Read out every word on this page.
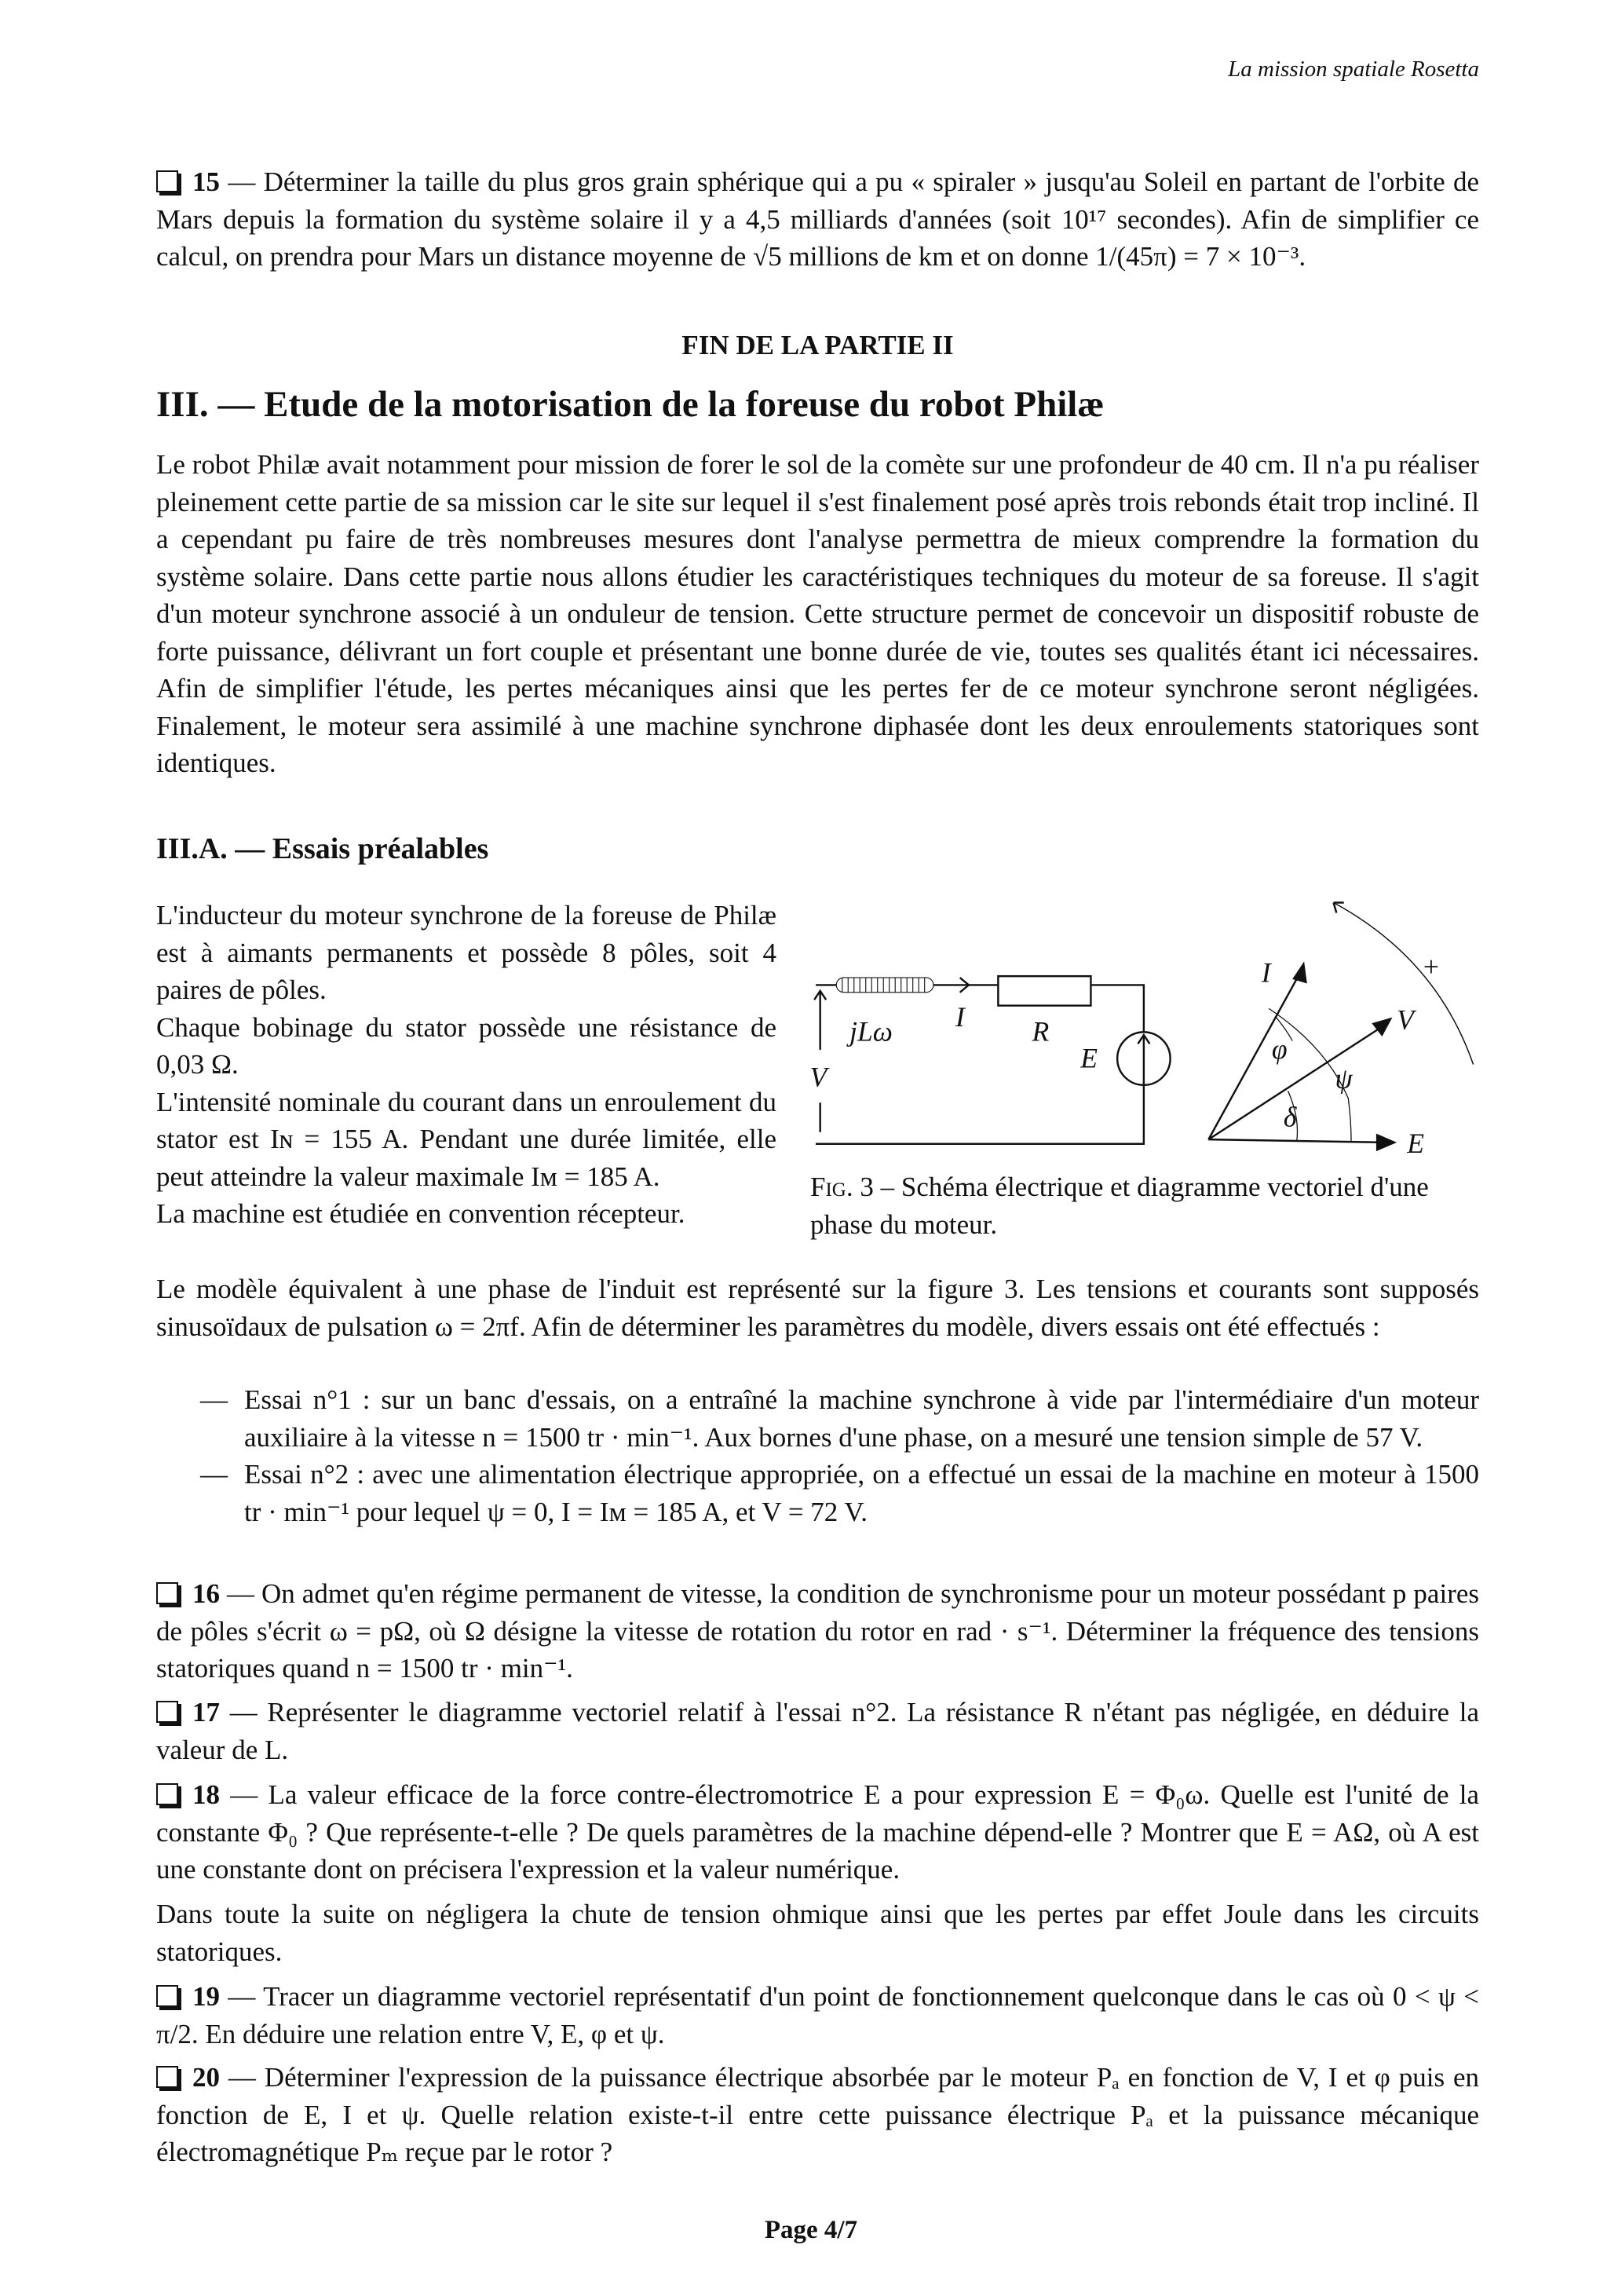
La mission spatiale Rosetta
15 — Déterminer la taille du plus gros grain sphérique qui a pu « spiraler » jusqu'au Soleil en partant de l'orbite de Mars depuis la formation du système solaire il y a 4,5 milliards d'années (soit 10¹⁷ secondes). Afin de simplifier ce calcul, on prendra pour Mars un distance moyenne de √5 millions de km et on donne 1/(45π) = 7 × 10⁻³.
FIN DE LA PARTIE II
III. — Etude de la motorisation de la foreuse du robot Philæ
Le robot Philæ avait notamment pour mission de forer le sol de la comète sur une profondeur de 40 cm. Il n'a pu réaliser pleinement cette partie de sa mission car le site sur lequel il s'est finalement posé après trois rebonds était trop incliné. Il a cependant pu faire de très nombreuses mesures dont l'analyse permettra de mieux comprendre la formation du système solaire. Dans cette partie nous allons étudier les caractéristiques techniques du moteur de sa foreuse. Il s'agit d'un moteur synchrone associé à un onduleur de tension. Cette structure permet de concevoir un dispositif robuste de forte puissance, délivrant un fort couple et présentant une bonne durée de vie, toutes ses qualités étant ici nécessaires. Afin de simplifier l'étude, les pertes mécaniques ainsi que les pertes fer de ce moteur synchrone seront négligées. Finalement, le moteur sera assimilé à une machine synchrone diphasée dont les deux enroulements statoriques sont identiques.
III.A. — Essais préalables
L'inducteur du moteur synchrone de la foreuse de Philæ est à aimants permanents et possède 8 pôles, soit 4 paires de pôles.
Chaque bobinage du stator possède une résistance de 0,03 Ω.
L'intensité nominale du courant dans un enroulement du stator est Iɴ = 155 A. Pendant une durée limitée, elle peut atteindre la valeur maximale Iᴍ = 185 A.
La machine est étudiée en convention récepteur.
jLω	I	R
E
V
I
V
E
φ
ψ
δ
+
Fig. 3 – Schéma électrique et diagramme vectoriel d'une phase du moteur.
Le modèle équivalent à une phase de l'induit est représenté sur la figure 3. Les tensions et courants sont supposés sinusoïdaux de pulsation ω = 2πf. Afin de déterminer les paramètres du modèle, divers essais ont été effectués :
— Essai n°1 : sur un banc d'essais, on a entraîné la machine synchrone à vide par l'intermédiaire d'un moteur auxiliaire à la vitesse n = 1500 tr · min⁻¹. Aux bornes d'une phase, on a mesuré une tension simple de 57 V.
— Essai n°2 : avec une alimentation électrique appropriée, on a effectué un essai de la machine en moteur à 1500 tr · min⁻¹ pour lequel ψ = 0, I = Iᴍ = 185 A, et V = 72 V.
16 — On admet qu'en régime permanent de vitesse, la condition de synchronisme pour un moteur possédant p paires de pôles s'écrit ω = pΩ, où Ω désigne la vitesse de rotation du rotor en rad · s⁻¹. Déterminer la fréquence des tensions statoriques quand n = 1500 tr · min⁻¹.
17 — Représenter le diagramme vectoriel relatif à l'essai n°2. La résistance R n'étant pas négligée, en déduire la valeur de L.
18 — La valeur efficace de la force contre-électromotrice E a pour expression E = Φ₀ω. Quelle est l'unité de la constante Φ₀ ? Que représente-t-elle ? De quels paramètres de la machine dépend-elle ? Montrer que E = AΩ, où A est une constante dont on précisera l'expression et la valeur numérique.
Dans toute la suite on négligera la chute de tension ohmique ainsi que les pertes par effet Joule dans les circuits statoriques.
19 — Tracer un diagramme vectoriel représentatif d'un point de fonctionnement quelconque dans le cas où 0 < ψ < π/2. En déduire une relation entre V, E, φ et ψ.
20 — Déterminer l'expression de la puissance électrique absorbée par le moteur Pₐ en fonction de V, I et φ puis en fonction de E, I et ψ. Quelle relation existe-t-il entre cette puissance électrique Pₐ et la puissance mécanique électromagnétique Pₘ reçue par le rotor ?
Page 4/7
